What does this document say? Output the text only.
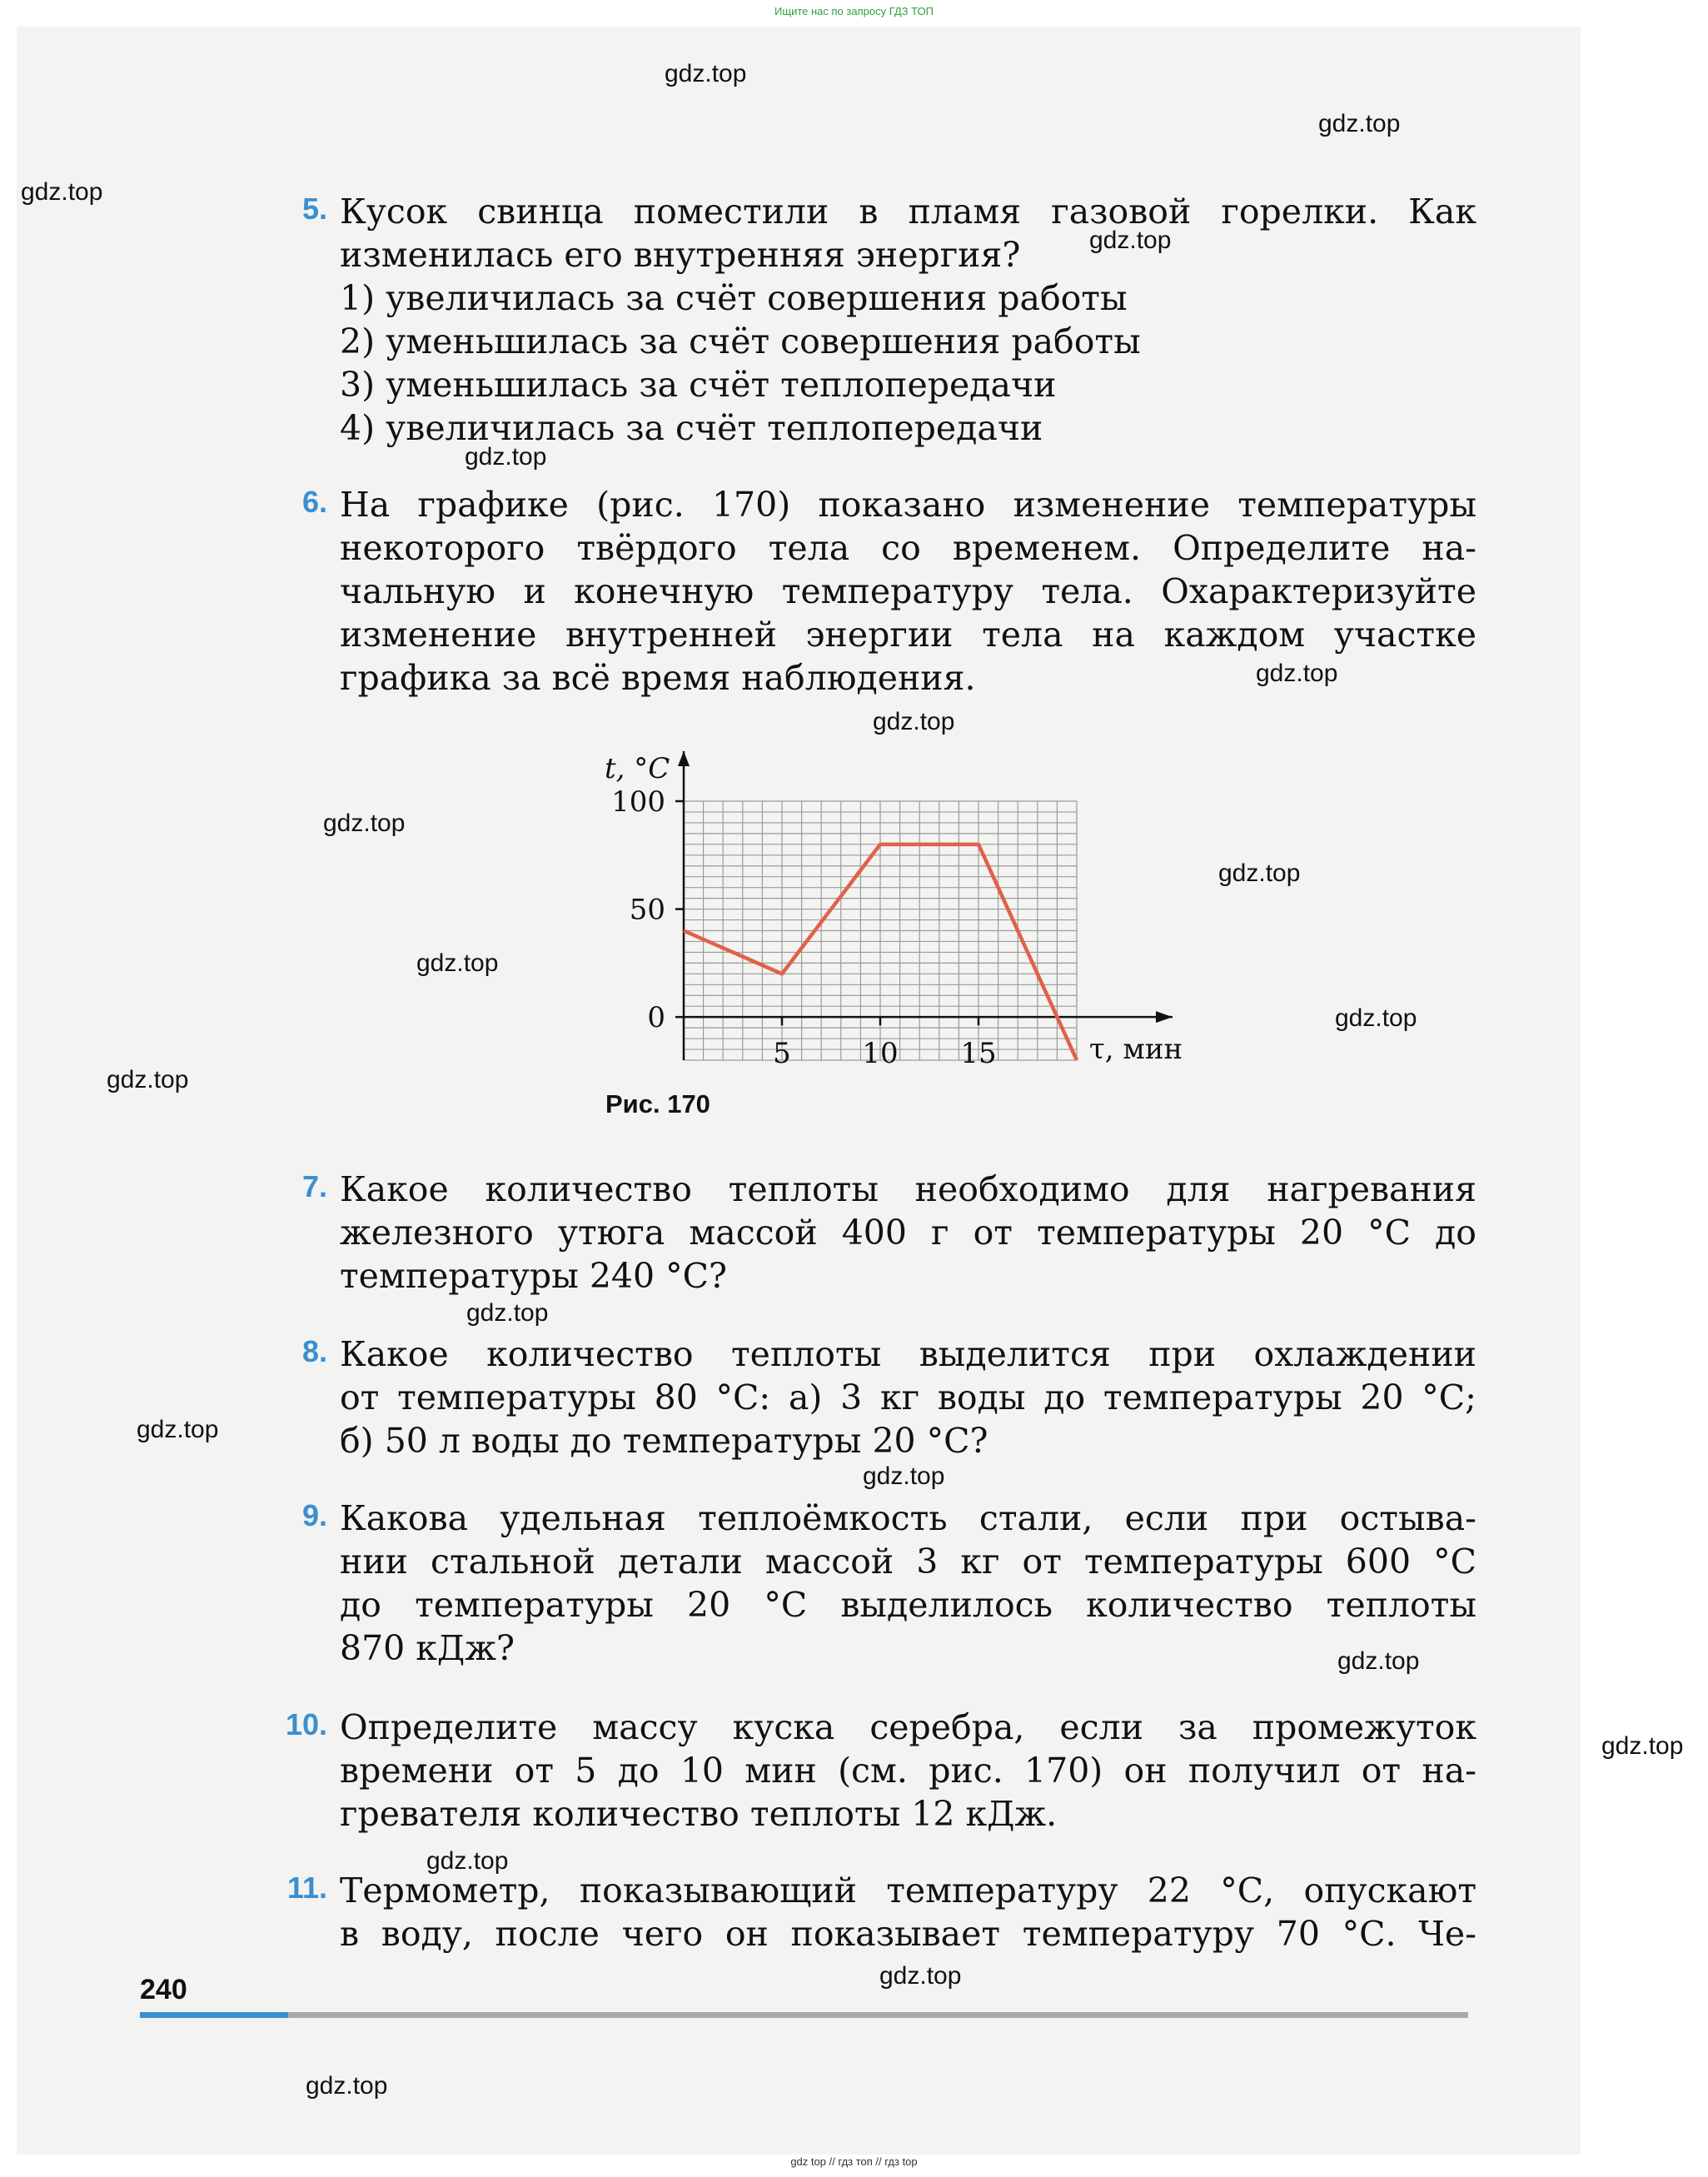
Ищите нас по запросу ГДЗ ТОП
gdz.top
gdz.top
gdz.top
gdz.top
gdz.top
gdz.top
gdz.top
gdz.top
gdz.top
gdz.top
gdz.top
gdz.top
gdz.top
gdz.top
gdz.top
gdz.top
gdz.top
gdz.top
gdz.top
gdz.top
5. Кусок свинца поместили в пламя газовой горелки. Как
изменилась его внутренняя энергия?
1) увеличилась за счёт совершения работы
2) уменьшилась за счёт совершения работы
3) уменьшилась за счёт теплопередачи
4) увеличилась за счёт теплопередачи
6. На графике (рис. 170) показано изменение температуры
некоторого твёрдого тела со временем. Определите на-
чальную и конечную температуру тела. Охарактеризуйте
изменение внутренней энергии тела на каждом участке
графика за всё время наблюдения.
100
50
0
5	10 15
t, °C
τ, мин
Рис. 170
7. Какое количество теплоты необходимо для нагревания
железного утюга массой 400 г от температуры 20 °С до
температуры 240 °С?
8. Какое количество теплоты выделится при охлаждении
от температуры 80 °С: а) 3 кг воды до температуры 20 °С;
б) 50 л воды до температуры 20 °С?
9. Какова удельная теплоёмкость стали, если при остыва-
нии стальной детали массой 3 кг от температуры 600 °С
до температуры 20 °С выделилось количество теплоты
870 кДж?
10. Определите массу куска серебра, если за промежуток
времени от 5 до 10 мин (см. рис. 170) он получил от на-
гревателя количество теплоты 12 кДж.
11. Термометр, показывающий температуру 22 °С, опускают
в воду, после чего он показывает температуру 70 °С. Че-
240
gdz top // гдз топ // гдз top
